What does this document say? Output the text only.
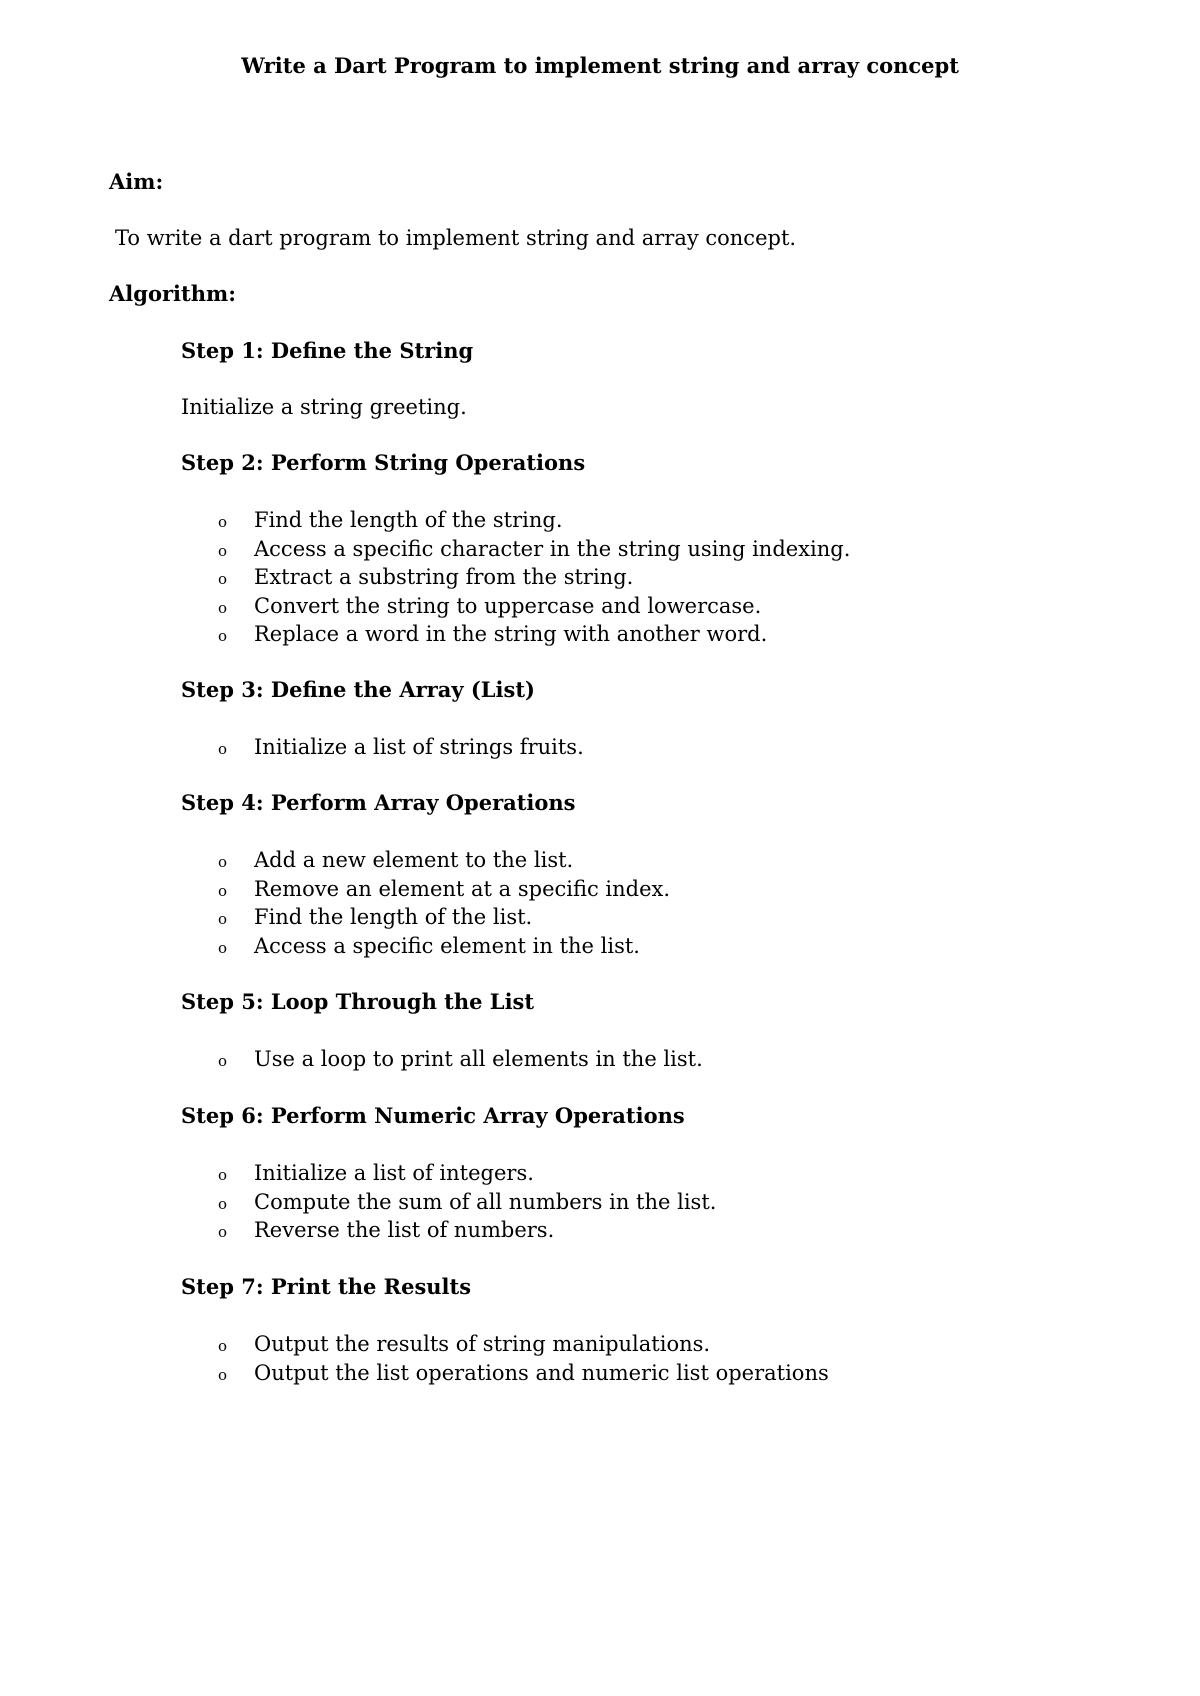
Write a Dart Program to implement string and array concept
Aim:
To write a dart program to implement string and array concept.
Algorithm:
Step 1: Define the String
Initialize a string greeting.
Step 2: Perform String Operations
o Find the length of the string.
o Access a specific character in the string using indexing.
o Extract a substring from the string.
o Convert the string to uppercase and lowercase.
o Replace a word in the string with another word.
Step 3: Define the Array (List)
o Initialize a list of strings fruits.
Step 4: Perform Array Operations
o Add a new element to the list.
o Remove an element at a specific index.
o Find the length of the list.
o Access a specific element in the list.
Step 5: Loop Through the List
o Use a loop to print all elements in the list.
Step 6: Perform Numeric Array Operations
o Initialize a list of integers.
o Compute the sum of all numbers in the list.
o Reverse the list of numbers.
Step 7: Print the Results
o Output the results of string manipulations.
o Output the list operations and numeric list operations
